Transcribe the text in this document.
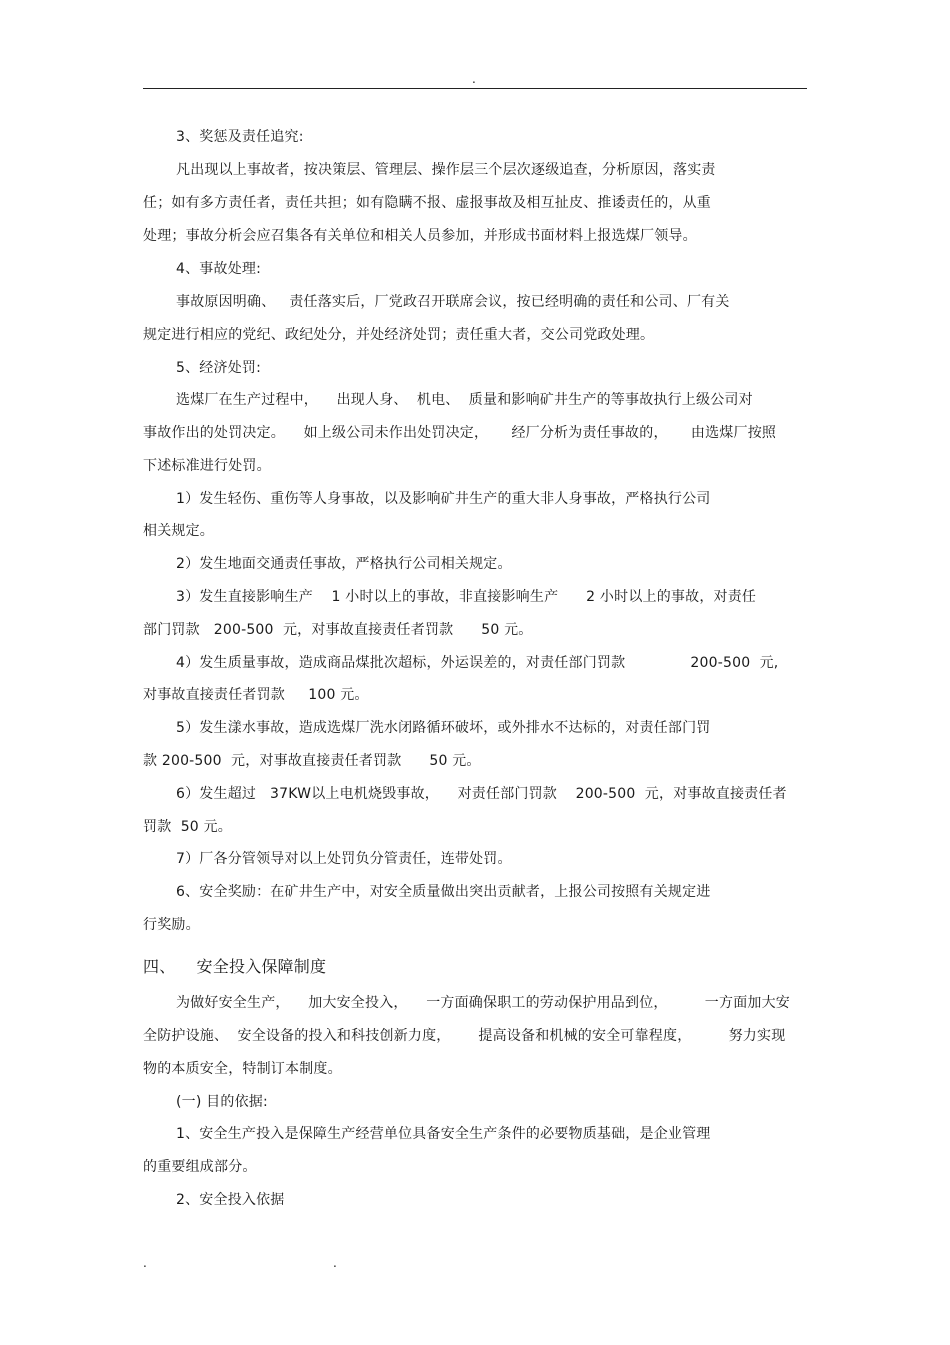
.
3、奖惩及责任追究:
凡出现以上事故者，按决策层、管理层、操作层三个层次逐级追查，分析原因，落实责
任；如有多方责任者，责任共担；如有隐瞒不报、虚报事故及相互扯皮、推诿责任的，从重
处理；事故分析会应召集各有关单位和相关人员参加，并形成书面材料上报选煤厂领导。
4、事故处理:
事故原因明确、   责任落实后，厂党政召开联席会议，按已经明确的责任和公司、厂有关
规定进行相应的党纪、政纪处分，并处经济处罚；责任重大者，交公司党政处理。
5、经济处罚:
选煤厂在生产过程中，    出现人身、  机电、  质量和影响矿井生产的等事故执行上级公司对
事故作出的处罚决定。    如上级公司未作出处罚决定，     经厂分析为责任事故的，     由选煤厂按照
下述标准进行处罚。
1）发生轻伤、重伤等人身事故，以及影响矿井生产的重大非人身事故，严格执行公司
相关规定。
2）发生地面交通责任事故，严格执行公司相关规定。
3）发生直接影响生产    1 小时以上的事故，非直接影响生产      2 小时以上的事故，对责任
部门罚款   200-500  元，对事故直接责任者罚款      50 元。
4）发生质量事故，造成商品煤批次超标，外运误差的，对责任部门罚款              200-500  元,
对事故直接责任者罚款     100 元。
5）发生漾水事故，造成选煤厂洗水闭路循环破坏，或外排水不达标的，对责任部门罚
款 200-500  元，对事故直接责任者罚款      50 元。
6）发生超过   37KW以上电机烧毁事故，    对责任部门罚款    200-500  元，对事故直接责任者
罚款  50 元。
7）厂各分管领导对以上处罚负分管责任，连带处罚。
6、安全奖励：在矿井生产中，对安全质量做出突出贡献者，上报公司按照有关规定进
行奖励。
四、    安全投入保障制度
为做好安全生产，    加大安全投入，    一方面确保职工的劳动保护用品到位，        一方面加大安
全防护设施、  安全设备的投入和科技创新力度，      提高设备和机械的安全可靠程度，        努力实现
物的本质安全，特制订本制度。
(一) 目的依据:
1、安全生产投入是保障生产经营单位具备安全生产条件的必要物质基础，是企业管理
的重要组成部分。
2、安全投入依据
.	.
